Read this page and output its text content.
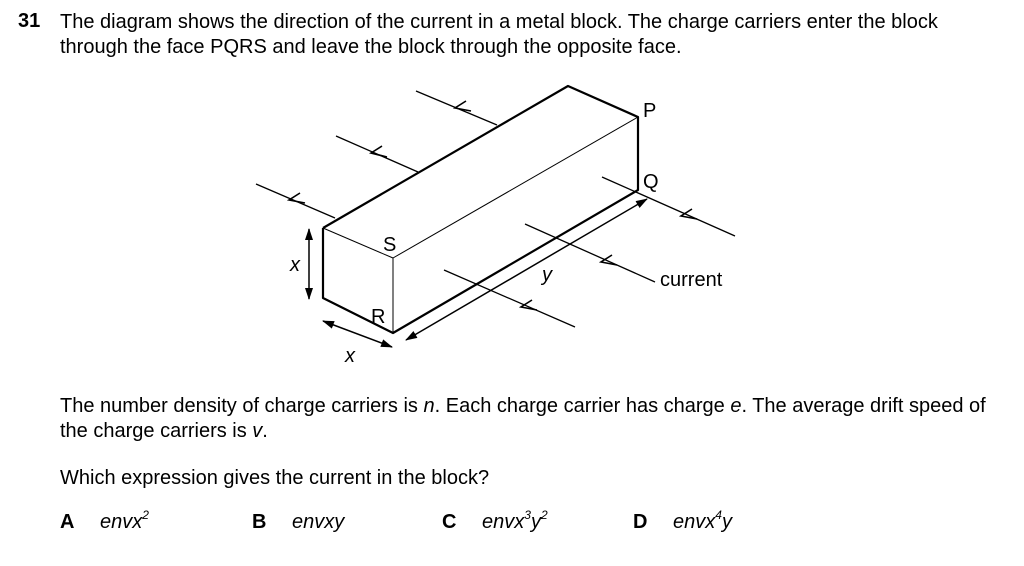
31 The diagram shows the direction of the current in a metal block. The charge carriers enter the block through the face PQRS and leave the block through the opposite face.
P
Q
S
R
x
x
y	current
The number density of charge carriers is n. Each charge carrier has charge e. The average drift speed of the charge carriers is v.
Which expression gives the current in the block?
A envx$^2$	B envxy	C $envx^3y^2$	D envx$^4$y
